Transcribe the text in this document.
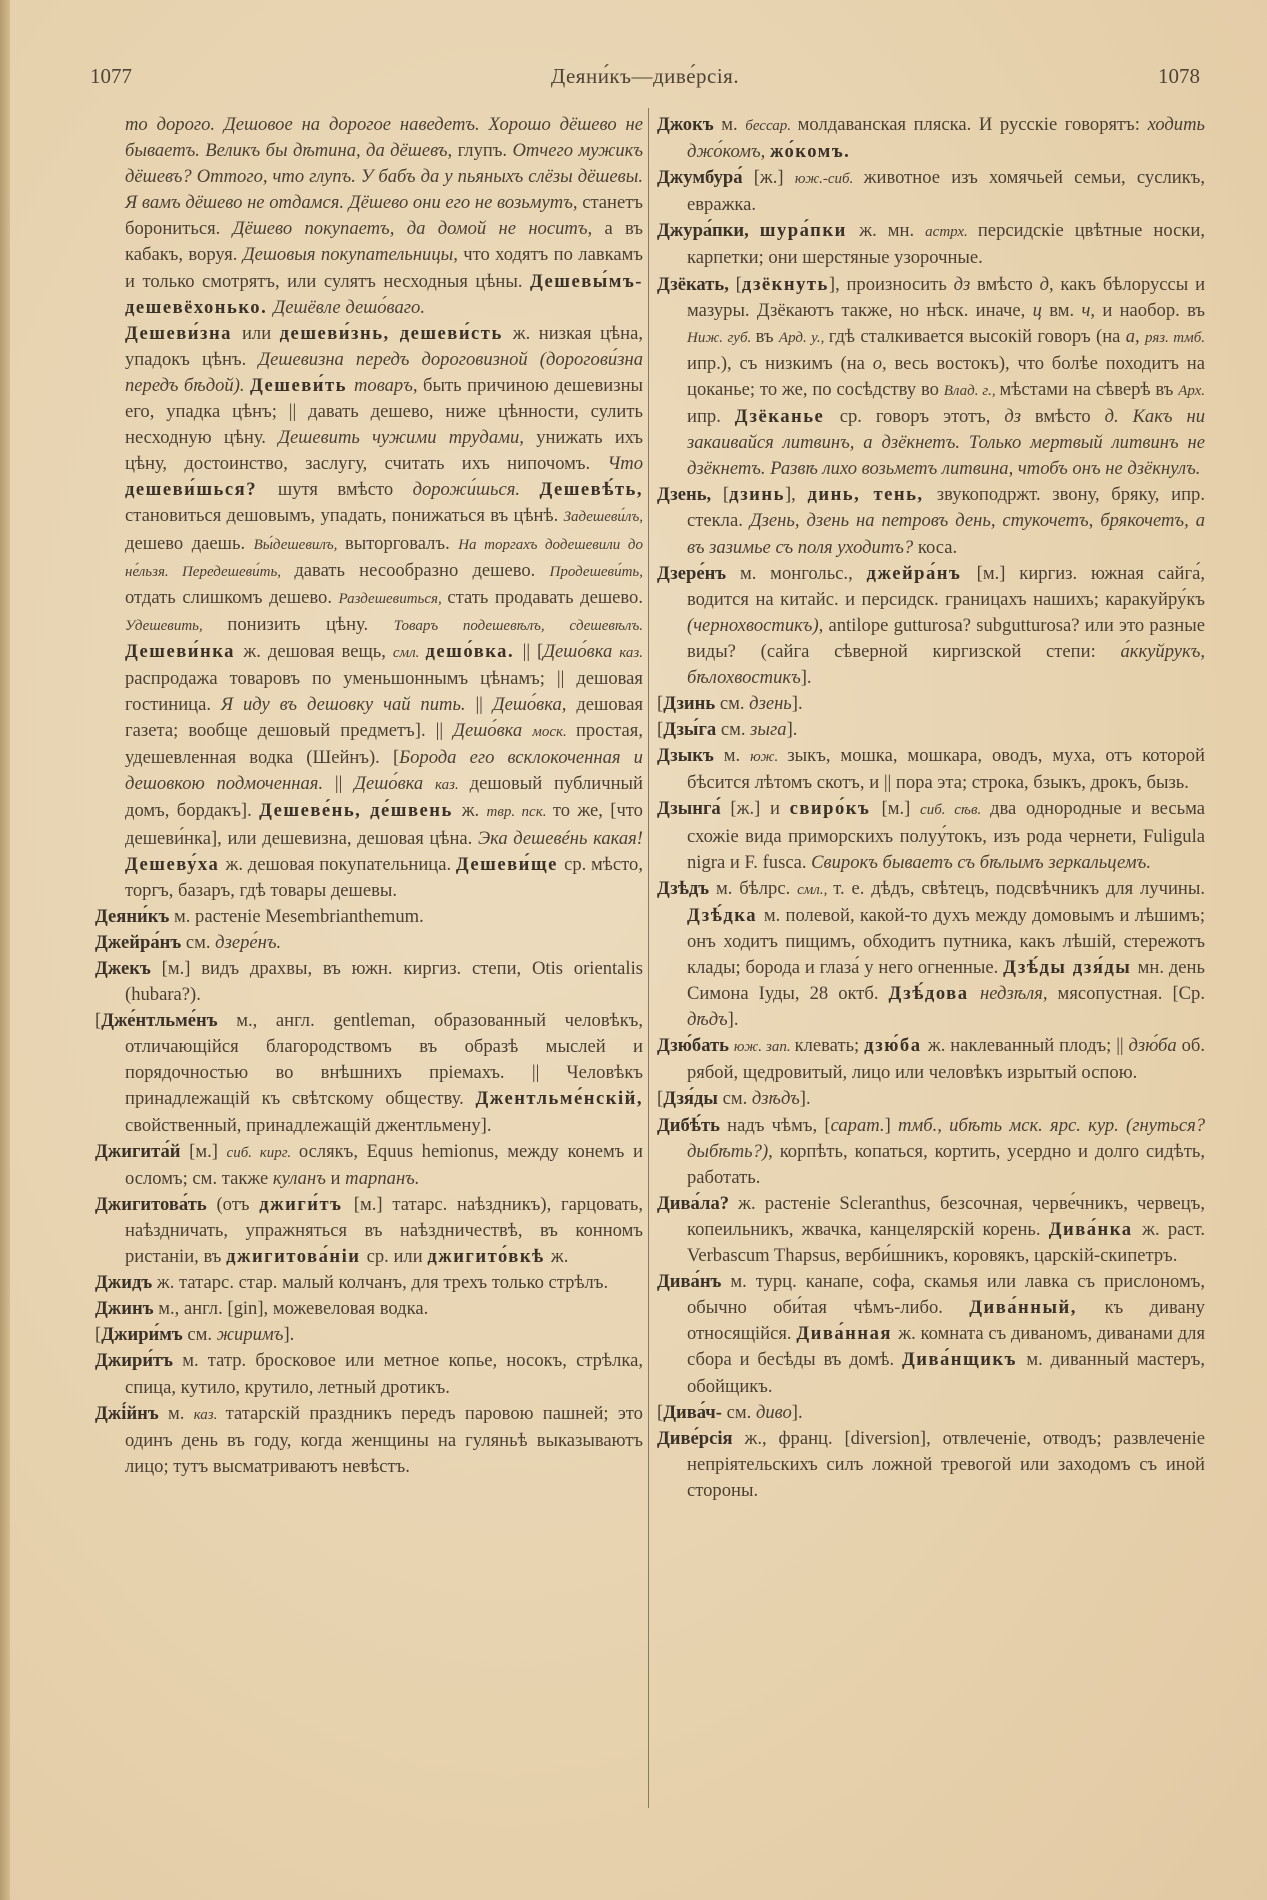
1077	Деяни́къ—диве́рсія.	1078

то дорого. Дешовое на дорогое наведетъ. Хорошо дёшево не бываетъ. Великъ бы дѣтина, да дёшевъ, глупъ. Отчего мужикъ дёшевъ? Оттого, что глупъ. У бабъ да у пьяныхъ слёзы дёшевы. Я вамъ дёшево не отдамся. Дёшево они его не возьмутъ, станетъ борониться. Дёшево покупаетъ, да домой не носитъ, а въ кабакъ, воруя. Дешовыя покупательницы, что ходятъ по лавкамъ и только смотрятъ, или сулятъ несходныя цѣны. Дешевы́мъ-дешевёхонько. Дешёвле дешо́ваго.

Дешеви́зна или дешеви́знь, дешеви́сть ж. низкая цѣна, упадокъ цѣнъ. Дешевизна передъ дороговизной (дорогови́зна передъ бѣдой). Дешеви́ть товаръ, быть причиною дешевизны его, упадка цѣнъ; || давать дешево, ниже цѣнности, сулить несходную цѣну. Дешевить чужими трудами, унижать ихъ цѣну, достоинство, заслугу, считать ихъ нипочомъ. Что дешеви́шься? шутя вмѣсто дорожи́шься. Дешевѣ́ть, становиться дешовымъ, упадать, понижаться въ цѣнѣ. Задешеви́лъ, дешево даешь. Вы́дешевилъ, выторговалъ. На торгахъ додешевили до не́льзя. Передешеви́ть, давать несообразно дешево. Продешеви́ть, отдать слишкомъ дешево. Раздешевиться, стать продавать дешево. Удешевить, понизить цѣну. Товаръ подешевѣлъ, сдешевѣлъ. Дешеви́нка ж. дешовая вещь, смл. дешо́вка. || [Дешо́вка каз. распродажа товаровъ по уменьшоннымъ цѣнамъ; || дешовая гостиница. Я иду въ дешовку чай пить. || Дешо́вка, дешовая газета; вообще дешовый предметъ]. || Дешо́вка моск. простая, удешевленная водка (Шейнъ). [Борода его всклокоченная и дешовкою подмоченная. || Дешо́вка каз. дешовый публичный домъ, бордакъ]. Дешеве́нь, де́швень ж. твр. пск. то же, [что дешеви́нка], или дешевизна, дешовая цѣна. Эка дешевéнь какая! Дешеву́ха ж. дешовая покупательница. Дешеви́ще ср. мѣсто, торгъ, базаръ, гдѣ товары дешевы.

Деяни́къ м. растеніе Mesembrianthemum.

Джейра́нъ см. дзере́нъ.

Джекъ [м.] видъ драхвы, въ южн. киргиз. степи, Otis orientalis (hubara?).

[Дже́нтльме́нъ м., англ. gentleman, образованный человѣкъ, отличающійся благородствомъ въ образѣ мыслей и порядочностью во внѣшнихъ пріемахъ. || Человѣкъ принадлежащій къ свѣтскому обществу. Джентльме́нскій, свойственный, принадлежащій джентльмену].

Джигита́й [м.] сиб. кирг. ослякъ, Equus hemionus, между конемъ и осломъ; см. также куланъ и тарпанъ.

Джигитова́ть (отъ джиги́тъ [м.] татарс. наѣздникъ), гарцовать, наѣздничать, упражняться въ наѣздничествѣ, въ конномъ ристаніи, въ джигитова́ніи ср. или джигито́вкѣ ж.

Джидъ ж. татарс. стар. малый колчанъ, для трехъ только стрѣлъ.

Джинъ м., англ. [gin], можевеловая водка.

[Джири́мъ см. жиримъ].

Джири́тъ м. татр. бросковое или метное копье, носокъ, стрѣлка, спица, кутило, крутило, летный дротикъ.

Джі́йнъ м. каз. татарскій праздникъ передъ паровою пашней; это одинъ день въ году, когда женщины на гуляньѣ выказываютъ лицо; тутъ высматриваютъ невѣстъ.

Джокъ м. бессар. молдаванская пляска. И русскіе говорятъ: ходить джо́комъ, жо́комъ.

Джумбура́ [ж.] юж.-сиб. животное изъ хомячьей семьи, сусликъ, евражка.

Джура́пки, шура́пки ж. мн. астрх. персидскіе цвѣтные носки, карпетки; они шерстяные узорочные.

Дзёкать, [дзёкнуть], произносить дз вмѣсто д, какъ бѣлоруссы и мазуры. Дзёкаютъ также, но нѣск. иначе, ц вм. ч, и наобор. въ Ниж. губ. въ Ард. у., гдѣ сталкивается высокій говоръ (на а, ряз. тмб. ипр.), съ низкимъ (на о, весь востокъ), что болѣе походитъ на цоканье; то же, по сосѣдству во Влад. г., мѣстами на сѣверѣ въ Арх. ипр. Дзёканье ср. говоръ этотъ, дз вмѣсто д. Какъ ни закаивайся литвинъ, а дзёкнетъ. Только мертвый литвинъ не дзёкнетъ. Развѣ лихо возьметъ литвина, чтобъ онъ не дзёкнулъ.

Дзень, [дзинь], динь, тень, звукоподржт. звону, бряку, ипр. стекла. Дзень, дзень на петровъ день, стукочетъ, брякочетъ, а въ зазимье съ поля уходитъ? коса.

Дзере́нъ м. монгольс., джейра́нъ [м.] киргиз. южная сайга́, водится на китайс. и персидск. границахъ нашихъ; каракуйру́къ (чернохвостикъ), antilope gutturosa? subgutturosa? или это разные виды? (сайга сѣверной киргизской степи: а́ккуйрукъ, бѣлохвостикъ].

[Дзинь см. дзень].

[Дзы́га см. зыга].

Дзыкъ м. юж. зыкъ, мошка, мошкара, оводъ, муха, отъ которой бѣсится лѣтомъ скотъ, и || пора эта; строка, бзыкъ, дрокъ, бызь.

Дзынга́ [ж.] и свиро́къ [м.] сиб. сѣв. два однородные и весьма схожіе вида приморскихъ полуу́токъ, изъ рода чернети, Fuligula nigra и F. fusca. Свирокъ бываетъ съ бѣлымъ зеркальцемъ.

Дзѣдъ м. бѣлрс. смл., т. е. дѣдъ, свѣтецъ, подсвѣчникъ для лучины. Дзѣ́дка м. полевой, какой-то духъ между домовымъ и лѣшимъ; онъ ходитъ пищимъ, обходитъ путника, какъ лѣшій, стережотъ клады; борода и глаза́ у него огненные. Дзѣ́ды дзя́ды мн. день Симона Іуды, 28 октб. Дзѣ́дова недзѣля, мясопустная. [Ср. дѣдъ].

Дзю́бать юж. зап. клевать; дзю́ба ж. наклеванный плодъ; || дзю́ба об. рябой, щедровитый, лицо или человѣкъ изрытый оспою.

[Дзя́ды см. дзѣдъ].

Дибѣ́ть надъ чѣмъ, [сарат.] тмб., ибѣть мск. ярс. кур. (гнуться? дыбѣть?), корпѣть, копаться, кортить, усердно и долго сидѣть, работать.

Дива́ла? ж. растеніе Scleranthus, безсочная, черве́чникъ, червецъ, копеильникъ, жвачка, канцелярскій корень. Дива́нка ж. раст. Verbascum Thapsus, верби́шникъ, коровякъ, царскій-скипетръ.

Дива́нъ м. турц. канапе, софа, скамья или лавка съ прислономъ, обычно оби́тая чѣмъ-либо. Дива́нный, къ дивану относящійся. Дива́нная ж. комната съ диваномъ, диванами для сбора и бесѣды въ домѣ. Дива́нщикъ м. диванный мастеръ, обойщикъ.

[Дива́ч- см. диво].

Диве́рсія ж., франц. [diversion], отвлеченіе, отводъ; развлеченіе непріятельскихъ силъ ложной тревогой или заходомъ съ иной стороны.
